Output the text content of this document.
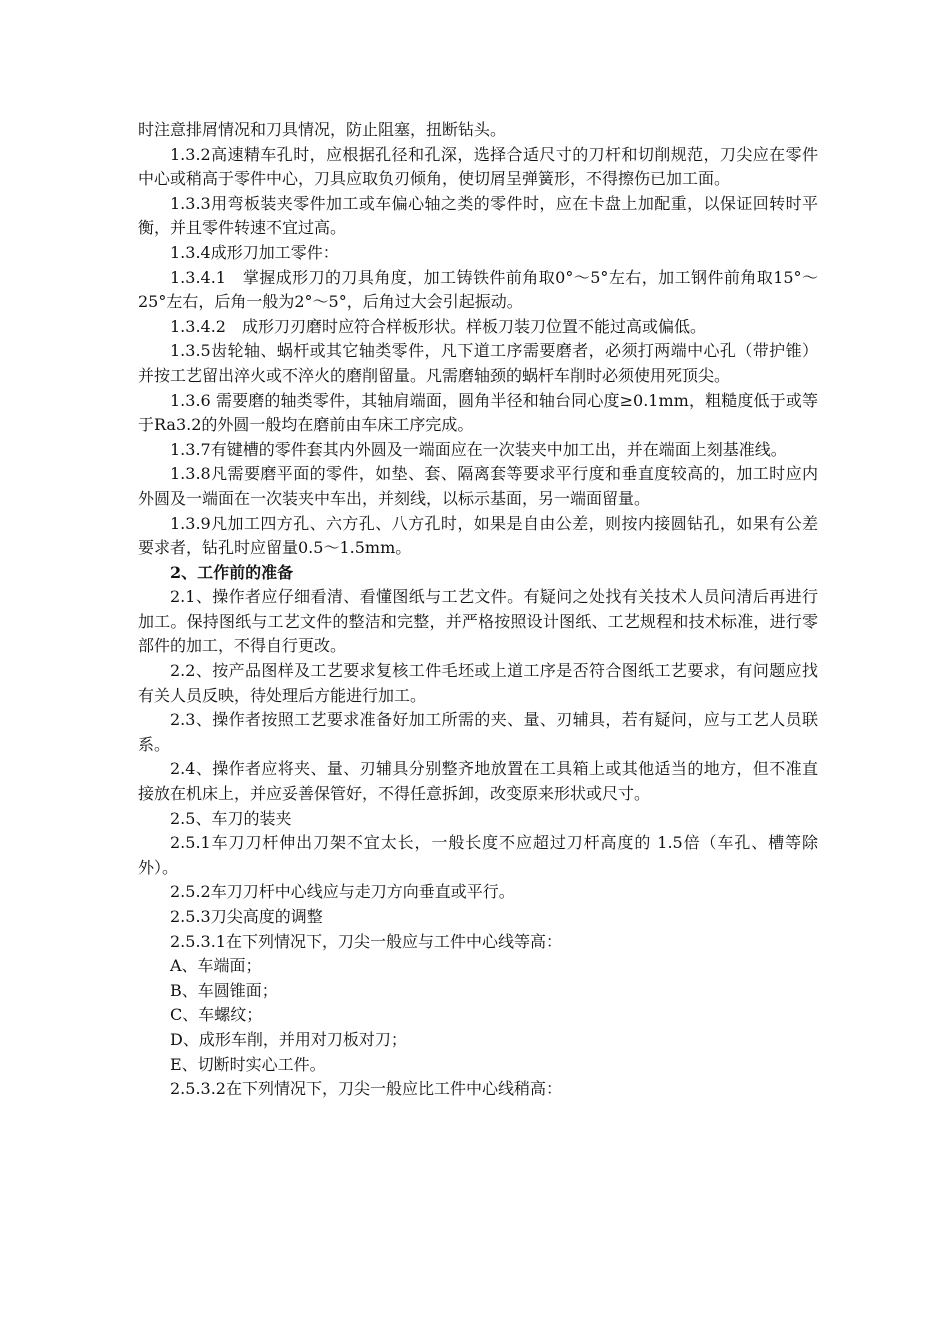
时注意排屑情况和刀具情况，防止阻塞，扭断钻头。

1.3.2高速精车孔时，应根据孔径和孔深，选择合适尺寸的刀杆和切削规范，刀尖应在零件中心或稍高于零件中心，刀具应取负刃倾角，使切屑呈弹簧形，不得擦伤已加工面。

1.3.3用弯板装夹零件加工或车偏心轴之类的零件时，应在卡盘上加配重，以保证回转时平衡，并且零件转速不宜过高。

1.3.4成形刀加工零件：

1.3.4.1　掌握成形刀的刀具角度，加工铸铁件前角取0°～5°左右，加工钢件前角取15°～25°左右，后角一般为2°～5°，后角过大会引起振动。

1.3.4.2　成形刀刃磨时应符合样板形状。样板刀装刀位置不能过高或偏低。

1.3.5齿轮轴、蜗杆或其它轴类零件，凡下道工序需要磨者，必须打两端中心孔（带护锥）并按工艺留出淬火或不淬火的磨削留量。凡需磨轴颈的蜗杆车削时必须使用死顶尖。

1.3.6 需要磨的轴类零件，其轴肩端面，圆角半径和轴台同心度≥0.1mm，粗糙度低于或等于Ra3.2的外圆一般均在磨前由车床工序完成。

1.3.7有键槽的零件套其内外圆及一端面应在一次装夹中加工出，并在端面上刻基准线。

1.3.8凡需要磨平面的零件，如垫、套、隔离套等要求平行度和垂直度较高的，加工时应内外圆及一端面在一次装夹中车出，并刻线，以标示基面，另一端面留量。

1.3.9凡加工四方孔、六方孔、八方孔时，如果是自由公差，则按内接圆钻孔，如果有公差要求者，钻孔时应留量0.5～1.5mm。

2、工作前的准备

2.1、操作者应仔细看清、看懂图纸与工艺文件。有疑问之处找有关技术人员问清后再进行加工。保持图纸与工艺文件的整洁和完整，并严格按照设计图纸、工艺规程和技术标准，进行零部件的加工，不得自行更改。

2.2、按产品图样及工艺要求复核工件毛坯或上道工序是否符合图纸工艺要求，有问题应找有关人员反映，待处理后方能进行加工。

2.3、操作者按照工艺要求准备好加工所需的夹、量、刃辅具，若有疑问，应与工艺人员联系。

2.4、操作者应将夹、量、刃辅具分别整齐地放置在工具箱上或其他适当的地方，但不准直接放在机床上，并应妥善保管好，不得任意拆卸，改变原来形状或尺寸。

2.5、车刀的装夹

2.5.1车刀刀杆伸出刀架不宜太长，一般长度不应超过刀杆高度的 1.5倍（车孔、槽等除外）。

2.5.2车刀刀杆中心线应与走刀方向垂直或平行。

2.5.3刀尖高度的调整

2.5.3.1在下列情况下，刀尖一般应与工件中心线等高：

A、车端面；

B、车圆锥面；

C、车螺纹；

D、成形车削，并用对刀板对刀；

E、切断时实心工件。

2.5.3.2在下列情况下，刀尖一般应比工件中心线稍高：
